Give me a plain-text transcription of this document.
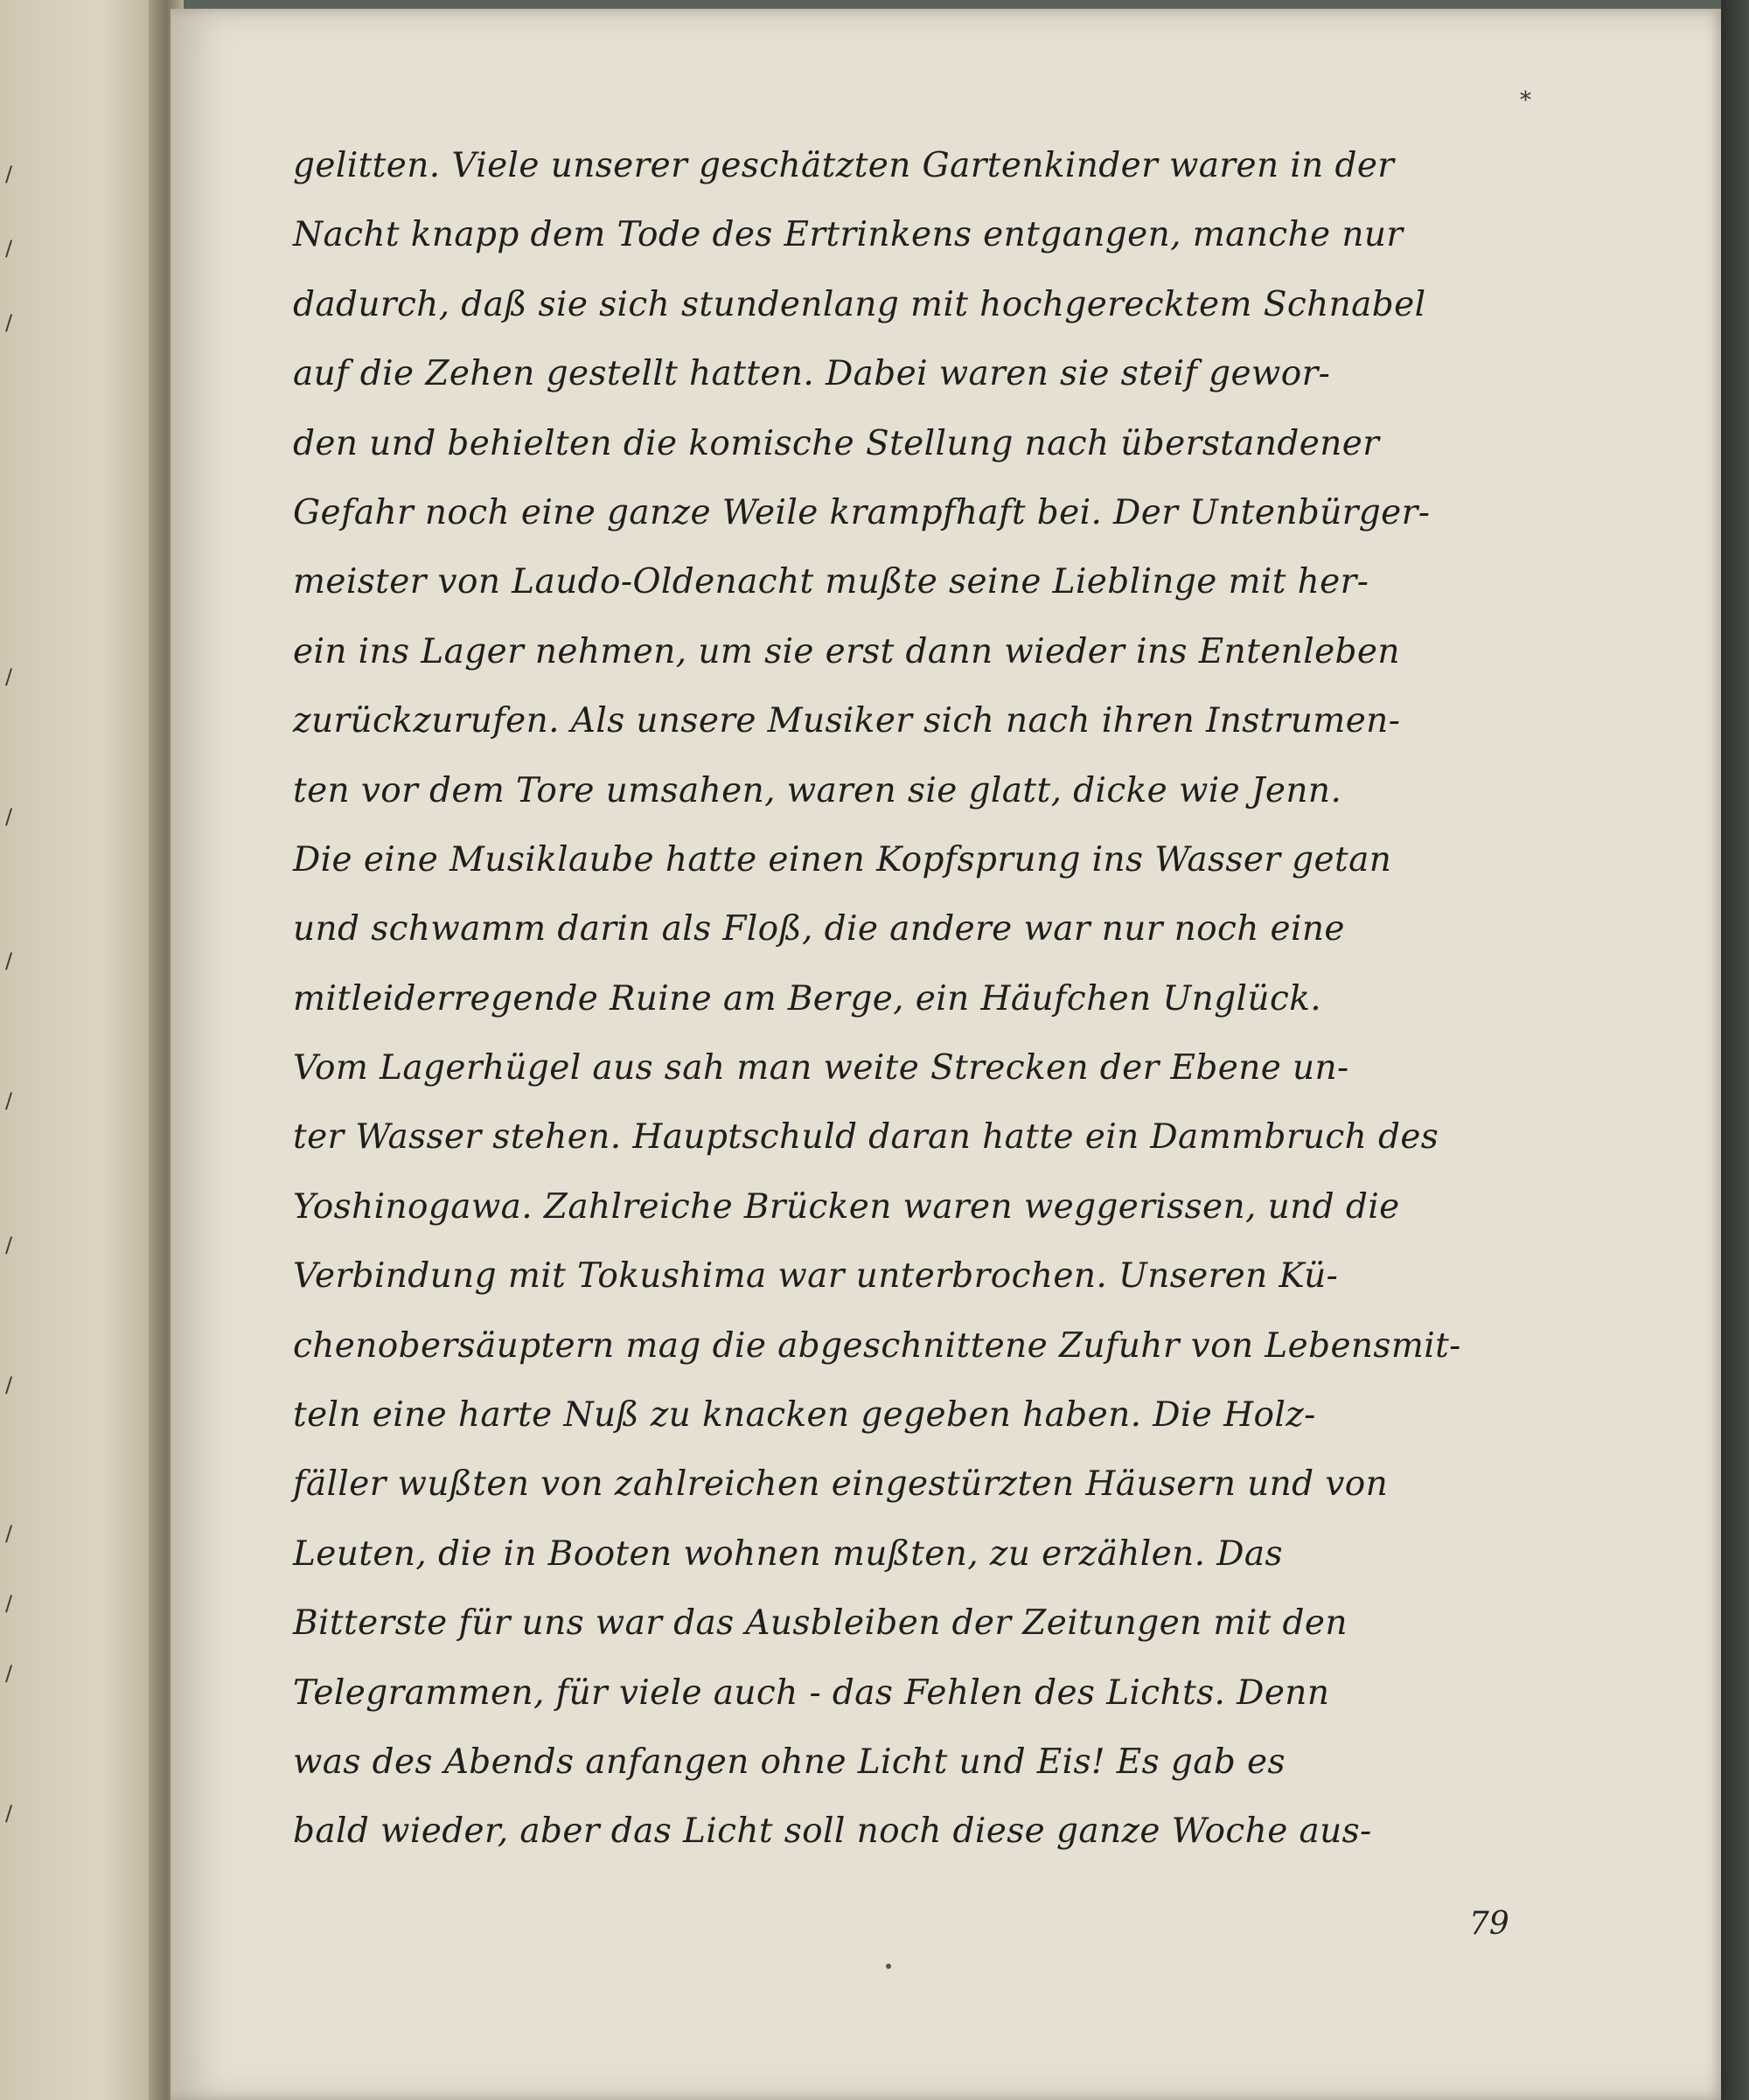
/
/
/
/
/
/
/
/
/
/
/
/
/
*
gelitten. Viele unserer geschätzten Gartenkinder waren in der
Nacht knapp dem Tode des Ertrinkens entgangen, manche nur
dadurch, daß sie sich stundenlang mit hochgerecktem Schnabel
auf die Zehen gestellt hatten. Dabei waren sie steif gewor-
den und behielten die komische Stellung nach überstandener
Gefahr noch eine ganze Weile krampfhaft bei. Der Untenbürger-
meister von Laudo-Oldenacht mußte seine Lieblinge mit her-
ein ins Lager nehmen, um sie erst dann wieder ins Entenleben
zurückzurufen. Als unsere Musiker sich nach ihren Instrumen-
ten vor dem Tore umsahen, waren sie glatt, dicke wie Jenn.
Die eine Musiklaube hatte einen Kopfsprung ins Wasser getan
und schwamm darin als Floß, die andere war nur noch eine
mitleiderregende Ruine am Berge, ein Häufchen Unglück.
Vom Lagerhügel aus sah man weite Strecken der Ebene un-
ter Wasser stehen. Hauptschuld daran hatte ein Dammbruch des
Yoshinogawa. Zahlreiche Brücken waren weggerissen, und die
Verbindung mit Tokushima war unterbrochen. Unseren Kü-
chenobersäuptern mag die abgeschnittene Zufuhr von Lebensmit-
teln eine harte Nuß zu knacken gegeben haben. Die Holz-
fäller wußten von zahlreichen eingestürzten Häusern und von
Leuten, die in Booten wohnen mußten, zu erzählen. Das
Bitterste für uns war das Ausbleiben der Zeitungen mit den
Telegrammen, für viele auch - das Fehlen des Lichts. Denn
was des Abends anfangen ohne Licht und Eis! Es gab es
bald wieder, aber das Licht soll noch diese ganze Woche aus-
79
